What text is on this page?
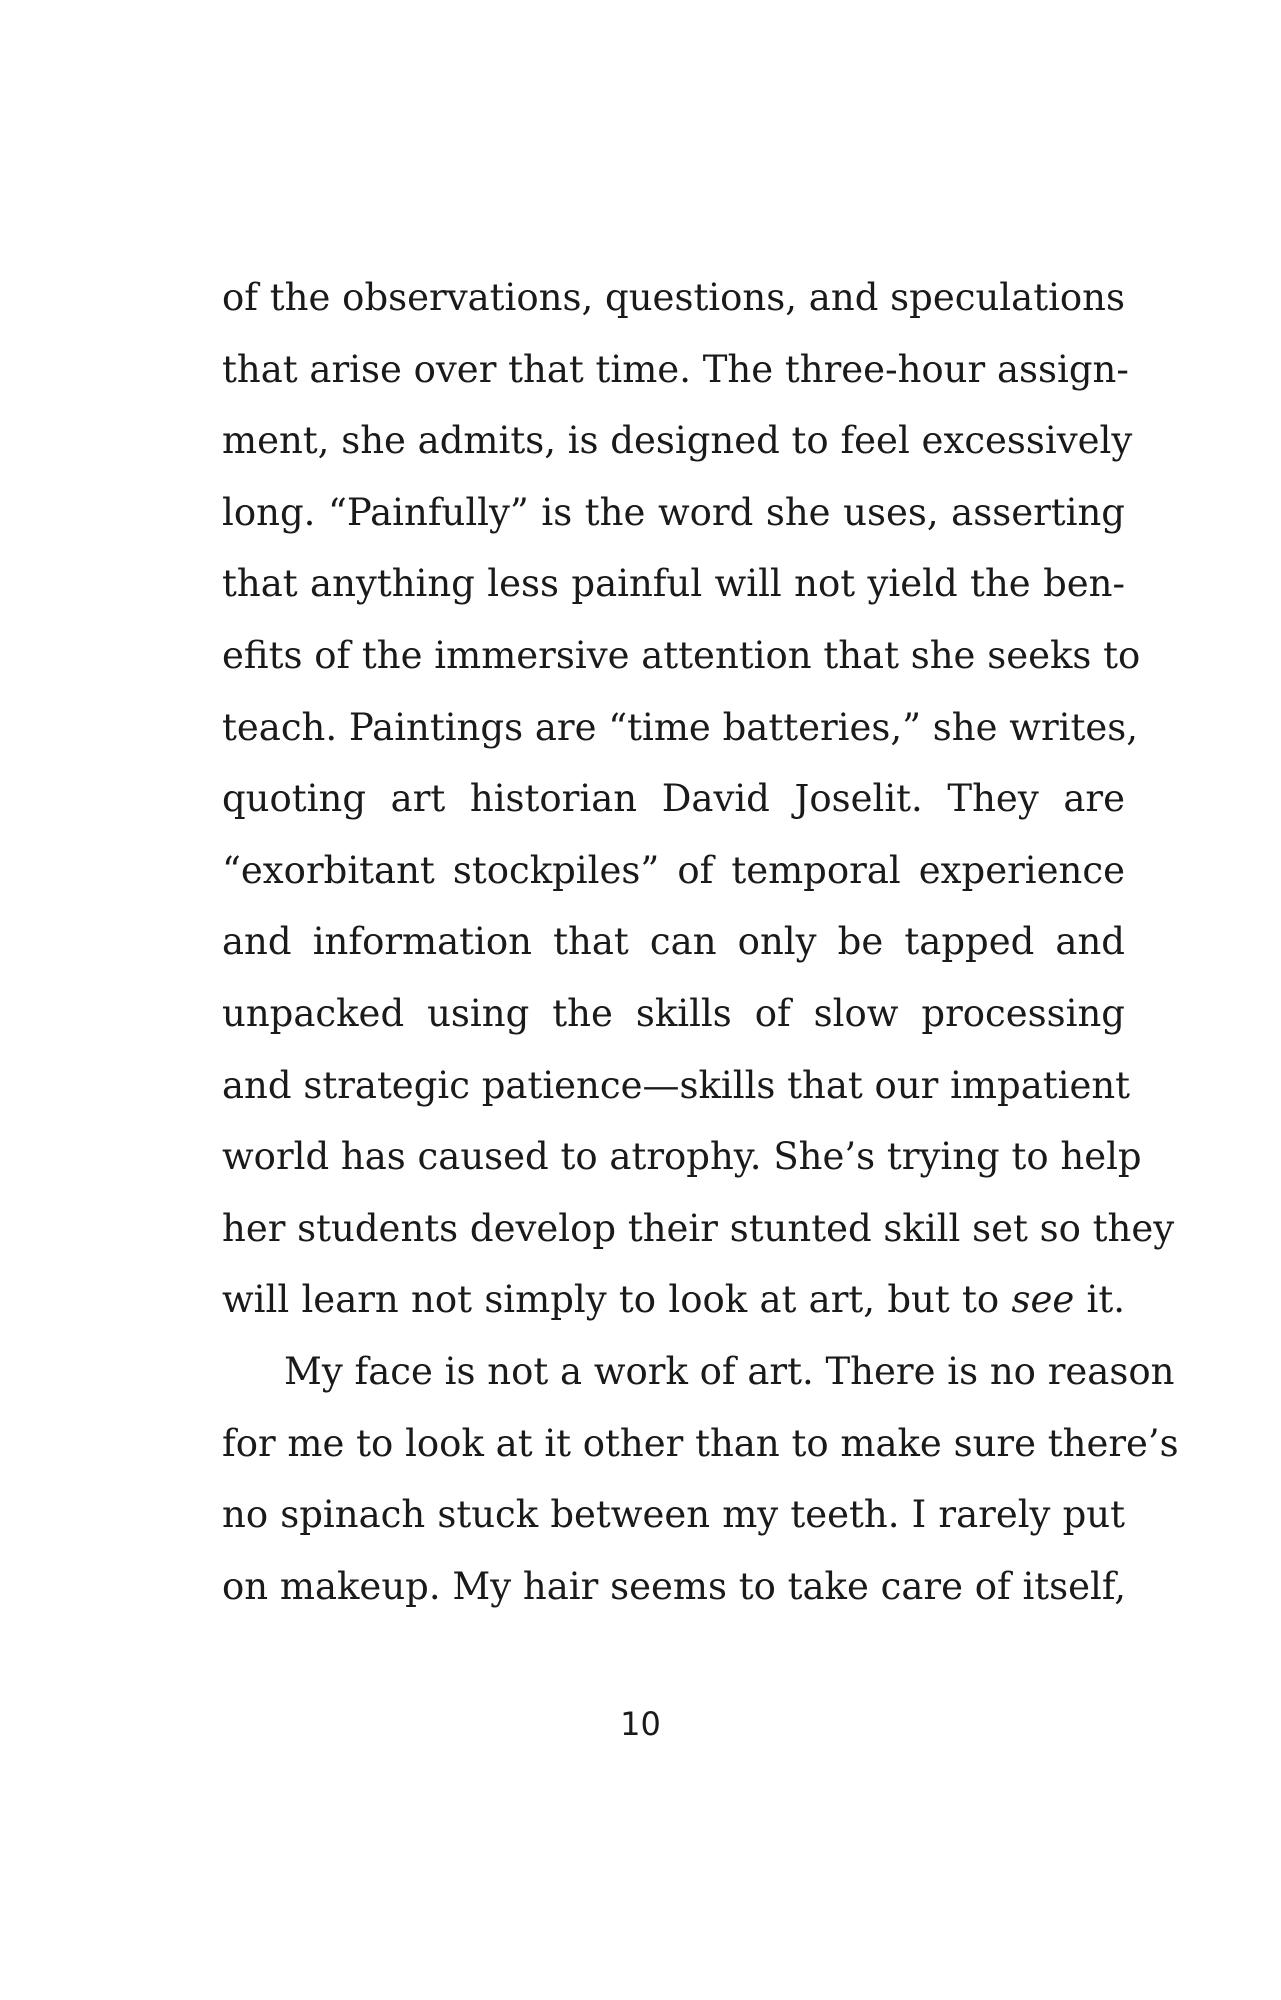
of the observations, questions, and speculations
that arise over that time. The three-hour assign-
ment, she admits, is designed to feel excessively
long. “Painfully” is the word she uses, asserting
that anything less painful will not yield the ben-
efits of the immersive attention that she seeks to
teach. Paintings are “time batteries,” she writes,
quoting art historian David Joselit. They are
“exorbitant stockpiles” of temporal experience
and information that can only be tapped and
unpacked using the skills of slow processing
and strategic patience—skills that our impatient
world has caused to atrophy. She’s trying to help
her students develop their stunted skill set so they
will learn not simply to look at art, but to see it.
My face is not a work of art. There is no reason
for me to look at it other than to make sure there’s
no spinach stuck between my teeth. I rarely put
on makeup. My hair seems to take care of itself,
10
